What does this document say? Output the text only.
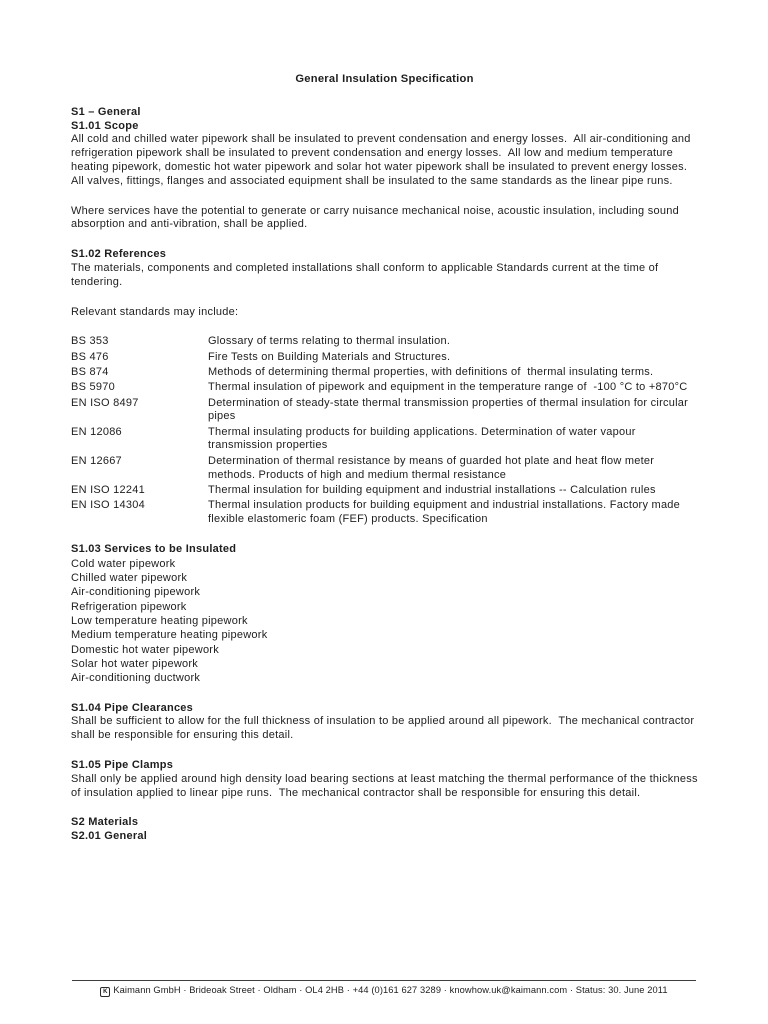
General Insulation Specification
S1 – General
S1.01 Scope

All cold and chilled water pipework shall be insulated to prevent condensation and energy losses.  All air-conditioning and refrigeration pipework shall be insulated to prevent condensation and energy losses.  All low and medium temperature heating pipework, domestic hot water pipework and solar hot water pipework shall be insulated to prevent energy losses.  All valves, fittings, flanges and associated equipment shall be insulated to the same standards as the linear pipe runs.

Where services have the potential to generate or carry nuisance mechanical noise, acoustic insulation, including sound absorption and anti-vibration, shall be applied.

S1.02 References

The materials, components and completed installations shall conform to applicable Standards current at the time of tendering.

Relevant standards may include:

BS 353	Glossary of terms relating to thermal insulation.
BS 476	Fire Tests on Building Materials and Structures.
BS 874	Methods of determining thermal properties, with definitions of  thermal insulating terms.
BS 5970	Thermal insulation of pipework and equipment in the temperature range of  -100 °C to +870°C
EN ISO 8497	Determination of steady-state thermal transmission properties of thermal insulation for circular pipes
EN 12086	Thermal insulating products for building applications. Determination of water vapour transmission properties
EN 12667	Determination of thermal resistance by means of guarded hot plate and heat flow meter methods. Products of high and medium thermal resistance
EN ISO 12241	Thermal insulation for building equipment and industrial installations -- Calculation rules
EN ISO 14304	Thermal insulation products for building equipment and industrial installations. Factory made flexible elastomeric foam (FEF) products. Specification
S1.03 Services to be Insulated
Cold water pipework
Chilled water pipework
Air-conditioning pipework
Refrigeration pipework
Low temperature heating pipework
Medium temperature heating pipework
Domestic hot water pipework
Solar hot water pipework
Air-conditioning ductwork
S1.04 Pipe Clearances

Shall be sufficient to allow for the full thickness of insulation to be applied around all pipework.  The mechanical contractor shall be responsible for ensuring this detail.

S1.05 Pipe Clamps

Shall only be applied around high density load bearing sections at least matching the thermal performance of the thickness of insulation applied to linear pipe runs.  The mechanical contractor shall be responsible for ensuring this detail.

S2 Materials
S2.01 General
K Kaimann GmbH · Brideoak Street · Oldham · OL4 2HB · +44 (0)161 627 3289 · knowhow.uk@kaimann.com · Status: 30. June 2011
